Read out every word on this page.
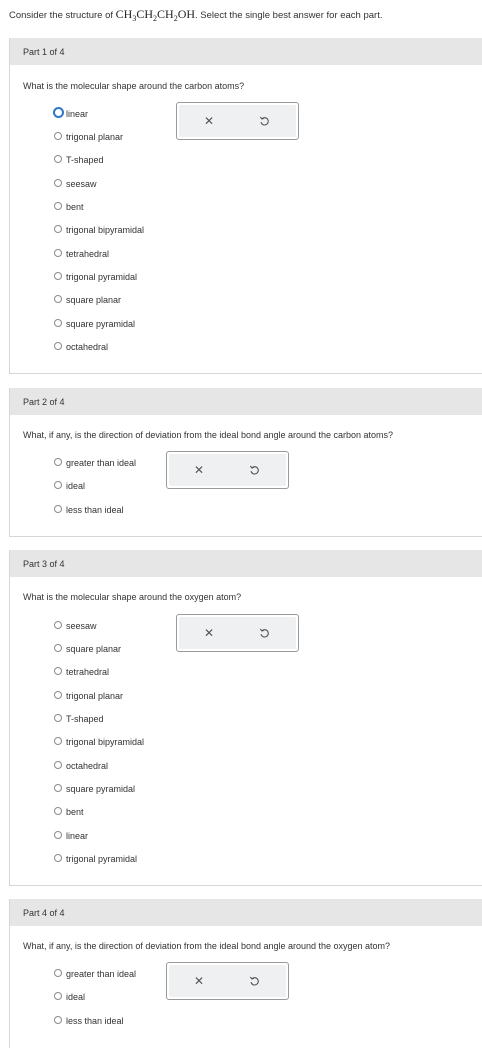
Consider the structure of $CH_3CH_2CH_2OH$. Select the single best answer for each part.
Part 1 of 4
What is the molecular shape around the carbon atoms?
linear
trigonal planar
T-shaped
seesaw
bent
trigonal bipyramidal
tetrahedral
trigonal pyramidal
square planar
square pyramidal
octahedral
✕
Part 2 of 4
What, if any, is the direction of deviation from the ideal bond angle around the carbon atoms?
greater than ideal
ideal
less than ideal
✕
Part 3 of 4
What is the molecular shape around the oxygen atom?
seesaw
square planar
tetrahedral
trigonal planar
T-shaped
trigonal bipyramidal
octahedral
square pyramidal
bent
linear
trigonal pyramidal
✕
Part 4 of 4
What, if any, is the direction of deviation from the ideal bond angle around the oxygen atom?
greater than ideal
ideal
less than ideal
✕
